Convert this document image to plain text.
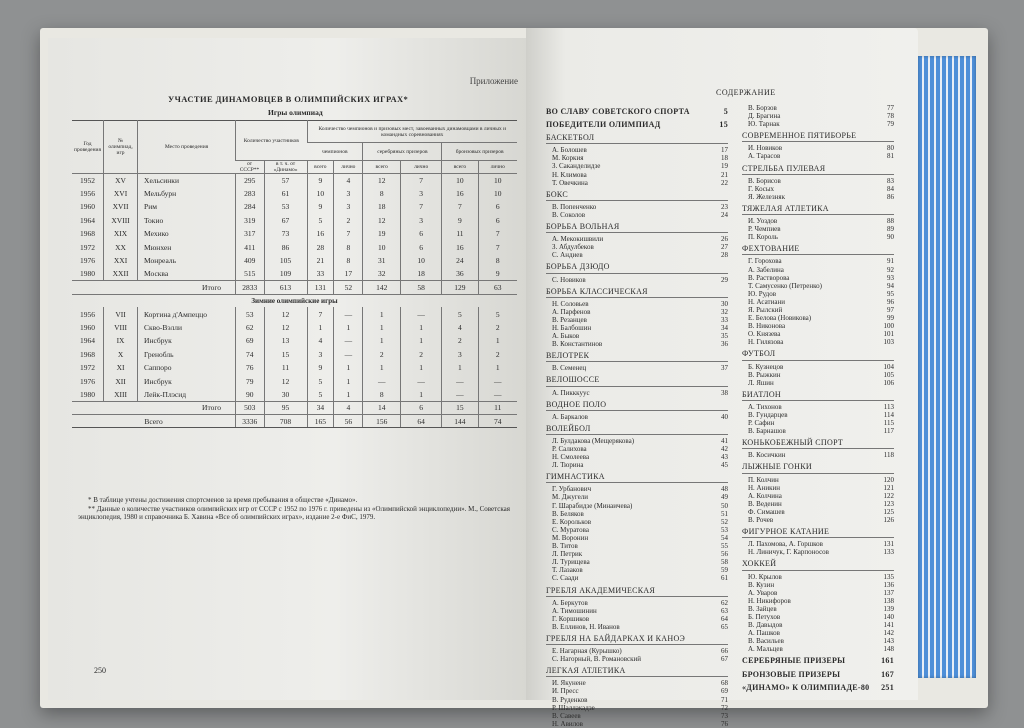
Приложение
УЧАСТИЕ ДИНАМОВЦЕВ В ОЛИМПИЙСКИХ ИГРАХ*
Игры олимпиад
Год проведения	№ олимпиад, игр	Место проведения	Количество участников		Количество чемпионов и призовых мест, завоеванных динамовцами в личных и командных соревнованиях					
					чемпионов		серебряных призеров		бронзовых призеров	
			от СССР**	в т. ч. от «Динамо»	всего	лично	всего	лично	всего	лично
1952	XV	Хельсинки	295	57	9	4	12	7	10	10
1956	XVI	Мельбурн	283	61	10	3	8	3	16	10
1960	XVII	Рим	284	53	9	3	18	7	7	6
1964	XVIII	Токио	319	67	5	2	12	3	9	6
1968	XIX	Мехико	317	73	16	7	19	6	11	7
1972	XX	Мюнхен	411	86	28	8	10	6	16	7
1976	XXI	Монреаль	409	105	21	8	31	10	24	8
1980	XXII	Москва	515	109	33	17	32	18	36	9
Итого			2833	613	131	52	142	58	129	63
Зимние олимпийские игры										
1956	VII	Кортина д'Ампеццо	53	12	7	—	1	—	5	5
1960	VIII	Скво-Вэлли	62	12	1	1	1	1	4	2
1964	IX	Инсбрук	69	13	4	—	1	1	2	1
1968	X	Гренобль	74	15	3	—	2	2	3	2
1972	XI	Саппоро	76	11	9	1	1	1	1	1
1976	XII	Инсбрук	79	12	5	1	—	—	—	—
1980	XIII	Лейк-Плэсид	90	30	5	1	8	1	—	—
Итого			503	95	34	4	14	6	15	11
Всего			3336	708	165	56	156	64	144	74

* В таблице учтены достижения спортсменов за время пребывания в обществе «Динамо».

** Данные о количестве участников олимпийских игр от СССР с 1952 по 1976 г. приведены из «Олимпийской энциклопедии». М., Советская энциклопедия, 1980 и справочника Б. Хавина «Все об олимпийских играх», издание 2-е ФиС, 1979.

250
СОДЕРЖАНИЕ
ВО СЛАВУ СОВЕТСКОГО СПОРТА	5
ПОБЕДИТЕЛИ ОЛИМПИАД	15
БАСКЕТБОЛ
А. Болошев	17
М. Коркия	18
З. Саканделидзе	19
Н. Климова	21
Т. Овечкина	22
БОКС
В. Попенченко	23
В. Соколов	24
БОРЬБА ВОЛЬНАЯ
А. Мекокишвили	26
З. Абдулбеков	27
С. Андиев	28
БОРЬБА ДЗЮДО
С. Новиков	29
БОРЬБА КЛАССИЧЕСКАЯ
Н. Соловьев	30
А. Парфенов	32
В. Резанцев	33
Н. Балбошин	34
А. Быков	35
В. Константинов	36
ВЕЛОТРЕК
В. Семенец	37
ВЕЛОШОССЕ
А. Пикккуус	38
ВОДНОЕ ПОЛО
А. Баркалов	40
ВОЛЕЙБОЛ
Л. Булдакова (Мещерякова)	41
Р. Салихова	42
Н. Смолеева	43
Л. Тюрина	45
ГИМНАСТИКА
Г. Урбанович	48
М. Джугели	49
Г. Шарабидзе (Минаичева)	50
В. Беляков	51
Е. Корольков	52
С. Муратова	53
М. Воронин	54
В. Титов	55
Л. Петрик	56
Л. Турищева	58
Т. Лазаков	59
С. Саади	61
ГРЕБЛЯ АКАДЕМИЧЕСКАЯ
А. Беркутов	62
А. Тимошинин	63
Г. Коршиков	64
В. Еллинов, Н. Иванов	65
ГРЕБЛЯ НА БАЙДАРКАХ И КАНОЭ
Е. Нагарная (Курышко)	66
С. Нагорный, В. Романовский	67
ЛЕГКАЯ АТЛЕТИКА
И. Якунене	68
И. Пресс	69
В. Руденков	71
Р. Шаллакадзе	72
В. Савеев	73
Н. Авилов	76
В. Борзов	77
Д. Брагина	78
Ю. Тарнак	79
СОВРЕМЕННОЕ ПЯТИБОРЬЕ
И. Новиков	80
А. Тарасов	81
СТРЕЛЬБА ПУЛЕВАЯ
В. Борисов	83
Г. Косых	84
Я. Железняк	86
ТЯЖЕЛАЯ АТЛЕТИКА
И. Уоздов	88
Р. Чемпиев	89
П. Король	90
ФЕХТОВАНИЕ
Г. Горохова	91
А. Забелина	92
В. Растворова	93
Т. Самусенко (Петренко)	94
Ю. Рудов	95
Н. Асатиани	96
Я. Рылский	97
Е. Белова (Новикова)	99
В. Никонова	100
О. Князева	101
Н. Гилязова	103
ФУТБОЛ
Б. Кузнецов	104
В. Рыжкин	105
Л. Яшин	106
БИАТЛОН
А. Тихонов	113
В. Гундарцев	114
Р. Сафин	115
В. Барнашов	117
КОНЬКОБЕЖНЫЙ СПОРТ
В. Косичкин	118
ЛЫЖНЫЕ ГОНКИ
П. Колчин	120
Н. Аникин	121
А. Колчина	122
В. Веденин	123
Ф. Симашев	125
В. Рочев	126
ФИГУРНОЕ КАТАНИЕ
Л. Пахомова, А. Горшков	131
Н. Линичук, Г. Карпоносов	133
ХОККЕЙ
Ю. Крылов	135
В. Кузин	136
А. Уваров	137
Н. Никифоров	138
В. Зайцев	139
Б. Петухов	140
В. Давыдов	141
А. Пашков	142
В. Васильев	143
А. Мальцев	148
СЕРЕБРЯНЫЕ ПРИЗЕРЫ	161
БРОНЗОВЫЕ ПРИЗЕРЫ	167
«ДИНАМО» К ОЛИМПИАДЕ-80 251
